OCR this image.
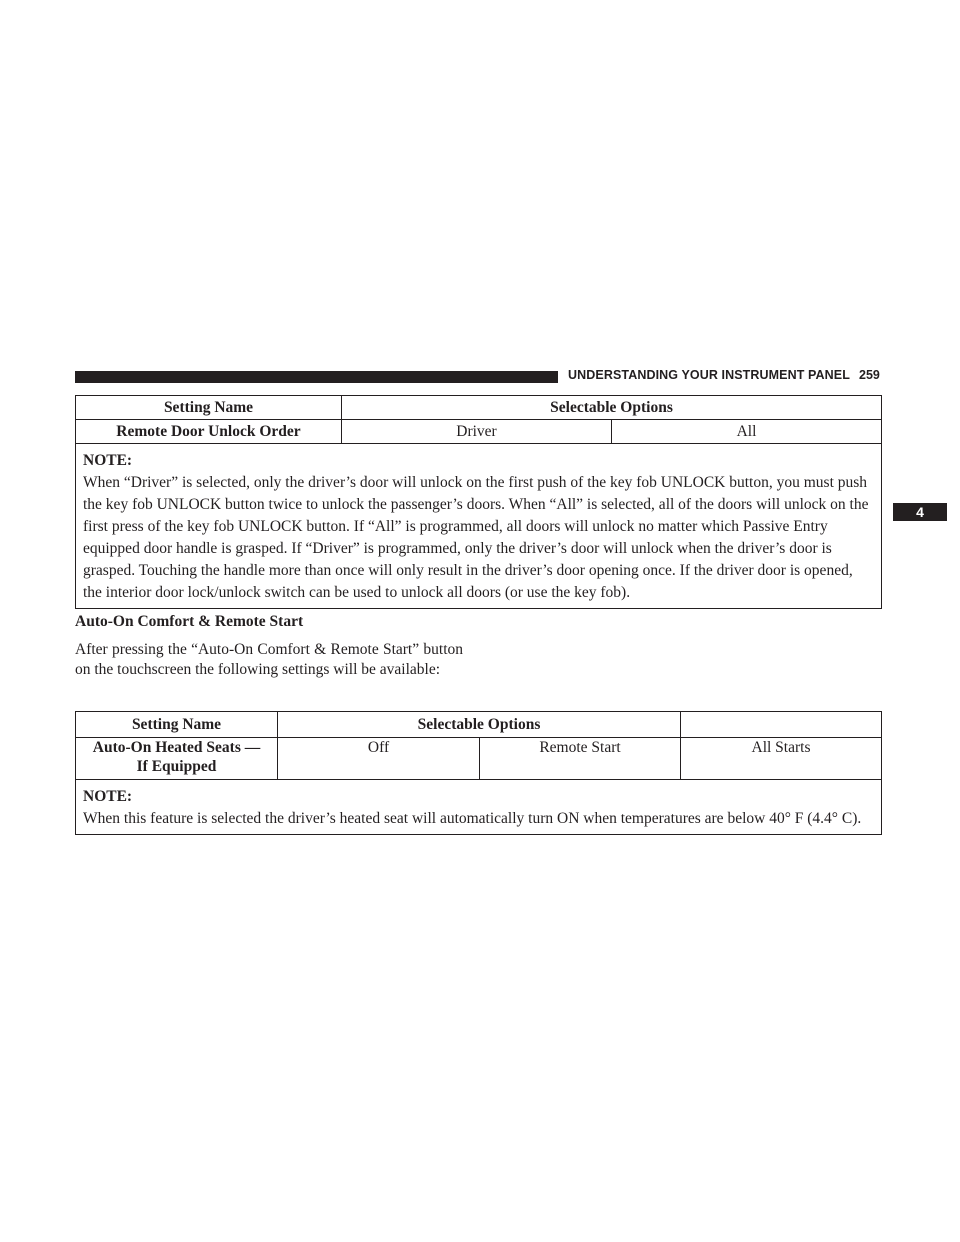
UNDERSTANDING YOUR INSTRUMENT PANEL 259
4
Setting Name	Selectable Options	
Remote Door Unlock Order	Driver	All

NOTE:
When “Driver” is selected, only the driver’s door will unlock on the first push of the key fob UNLOCK button, you must push the key fob UNLOCK button twice to unlock the passenger’s doors. When “All” is selected, all of the doors will unlock on the first press of the key fob UNLOCK button. If “All” is programmed, all doors will unlock no matter which Passive Entry equipped door handle is grasped. If “Driver” is programmed, only the driver’s door will unlock when the driver’s door is grasped. Touching the handle more than once will only result in the driver’s door opening once. If the driver door is opened, the interior door lock/unlock switch can be used to unlock all doors (or use the key fob).		
Auto-On Comfort & Remote Start
After pressing the “Auto-On Comfort & Remote Start” button on the touchscreen the following settings will be available:
Setting Name	Selectable Options		

Auto-On Heated Seats —
If Equipped	Off	Remote Start	All Starts

NOTE:
When this feature is selected the driver’s heated seat will automatically turn ON when temperatures are below 40° F (4.4° C).			
